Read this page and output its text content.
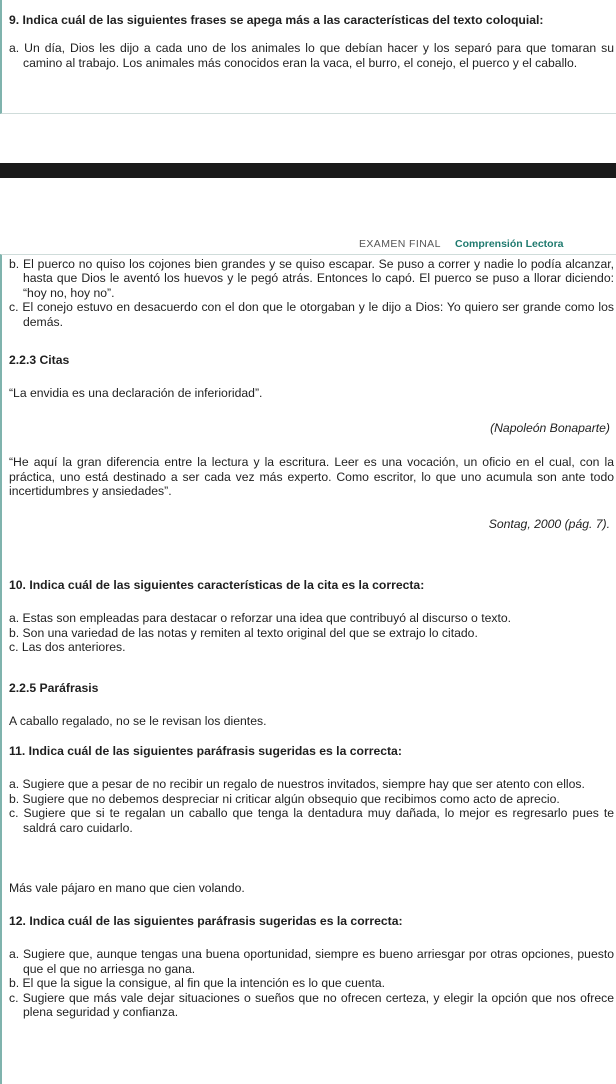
9. Indica cuál de las siguientes frases se apega más a las características del texto coloquial:

a. Un día, Dios les dijo a cada uno de los animales lo que debían hacer y los separó para que tomaran su camino al trabajo. Los animales más conocidos eran la vaca, el burro, el conejo, el puerco y el caballo.

EXAMEN FINAL Comprensión Lectora

b. El puerco no quiso los cojones bien grandes y se quiso escapar. Se puso a correr y nadie lo podía alcanzar, hasta que Dios le aventó los huevos y le pegó atrás. Entonces lo capó. El puerco se puso a llorar diciendo: “hoy no, hoy no”.

c. El conejo estuvo en desacuerdo con el don que le otorgaban y le dijo a Dios: Yo quiero ser grande como los demás.

2.2.3 Citas

“La envidia es una declaración de inferioridad”.

(Napoleón Bonaparte)

“He aquí la gran diferencia entre la lectura y la escritura. Leer es una vocación, un oficio en el cual, con la práctica, uno está destinado a ser cada vez más experto. Como escritor, lo que uno acumula son ante todo incertidumbres y ansiedades”.

Sontag, 2000 (pág. 7).

10. Indica cuál de las siguientes características de la cita es la correcta:

a. Estas son empleadas para destacar o reforzar una idea que contribuyó al discurso o texto.

b. Son una variedad de las notas y remiten al texto original del que se extrajo lo citado.

c. Las dos anteriores.

2.2.5 Paráfrasis

A caballo regalado, no se le revisan los dientes.

11. Indica cuál de las siguientes paráfrasis sugeridas es la correcta:

a. Sugiere que a pesar de no recibir un regalo de nuestros invitados, siempre hay que ser atento con ellos.

b. Sugiere que no debemos despreciar ni criticar algún obsequio que recibimos como acto de aprecio.

c. Sugiere que si te regalan un caballo que tenga la dentadura muy dañada, lo mejor es regresarlo pues te saldrá caro cuidarlo.

Más vale pájaro en mano que cien volando.

12. Indica cuál de las siguientes paráfrasis sugeridas es la correcta:

a. Sugiere que, aunque tengas una buena oportunidad, siempre es bueno arriesgar por otras opciones, puesto que el que no arriesga no gana.

b. El que la sigue la consigue, al fin que la intención es lo que cuenta.

c. Sugiere que más vale dejar situaciones o sueños que no ofrecen certeza, y elegir la opción que nos ofrece plena seguridad y confianza.
